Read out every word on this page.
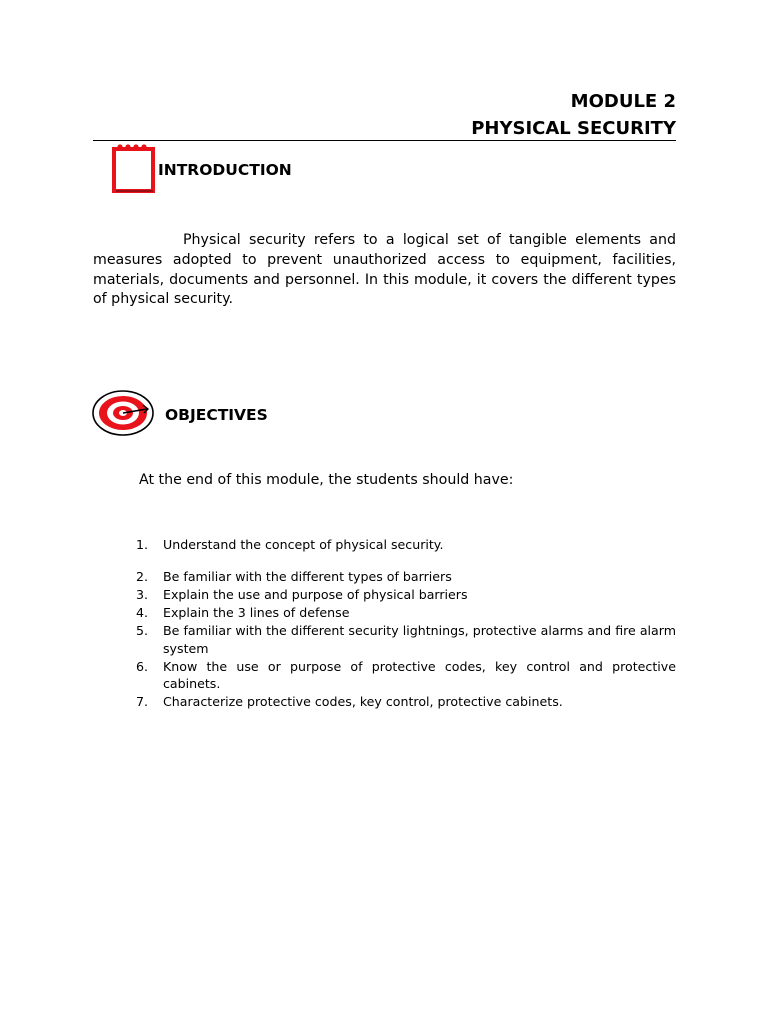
MODULE 2
PHYSICAL SECURITY
INTRODUCTION

Physical security refers to a logical set of tangible elements and measures adopted to prevent unauthorized access to equipment, facilities, materials, documents and personnel. In this module, it covers the different types of physical security.

OBJECTIVES
At the end of this module, the students should have:
1.	Understand the concept of physical security.
2.	Be familiar with the different types of barriers
3.	Explain the use and purpose of physical barriers
4.	Explain the 3 lines of defense
5.	Be familiar with the different security lightnings, protective alarms and fire alarm system
6.	Know the use or purpose of protective codes, key control and protective cabinets.
7.	Characterize protective codes, key control, protective cabinets.
